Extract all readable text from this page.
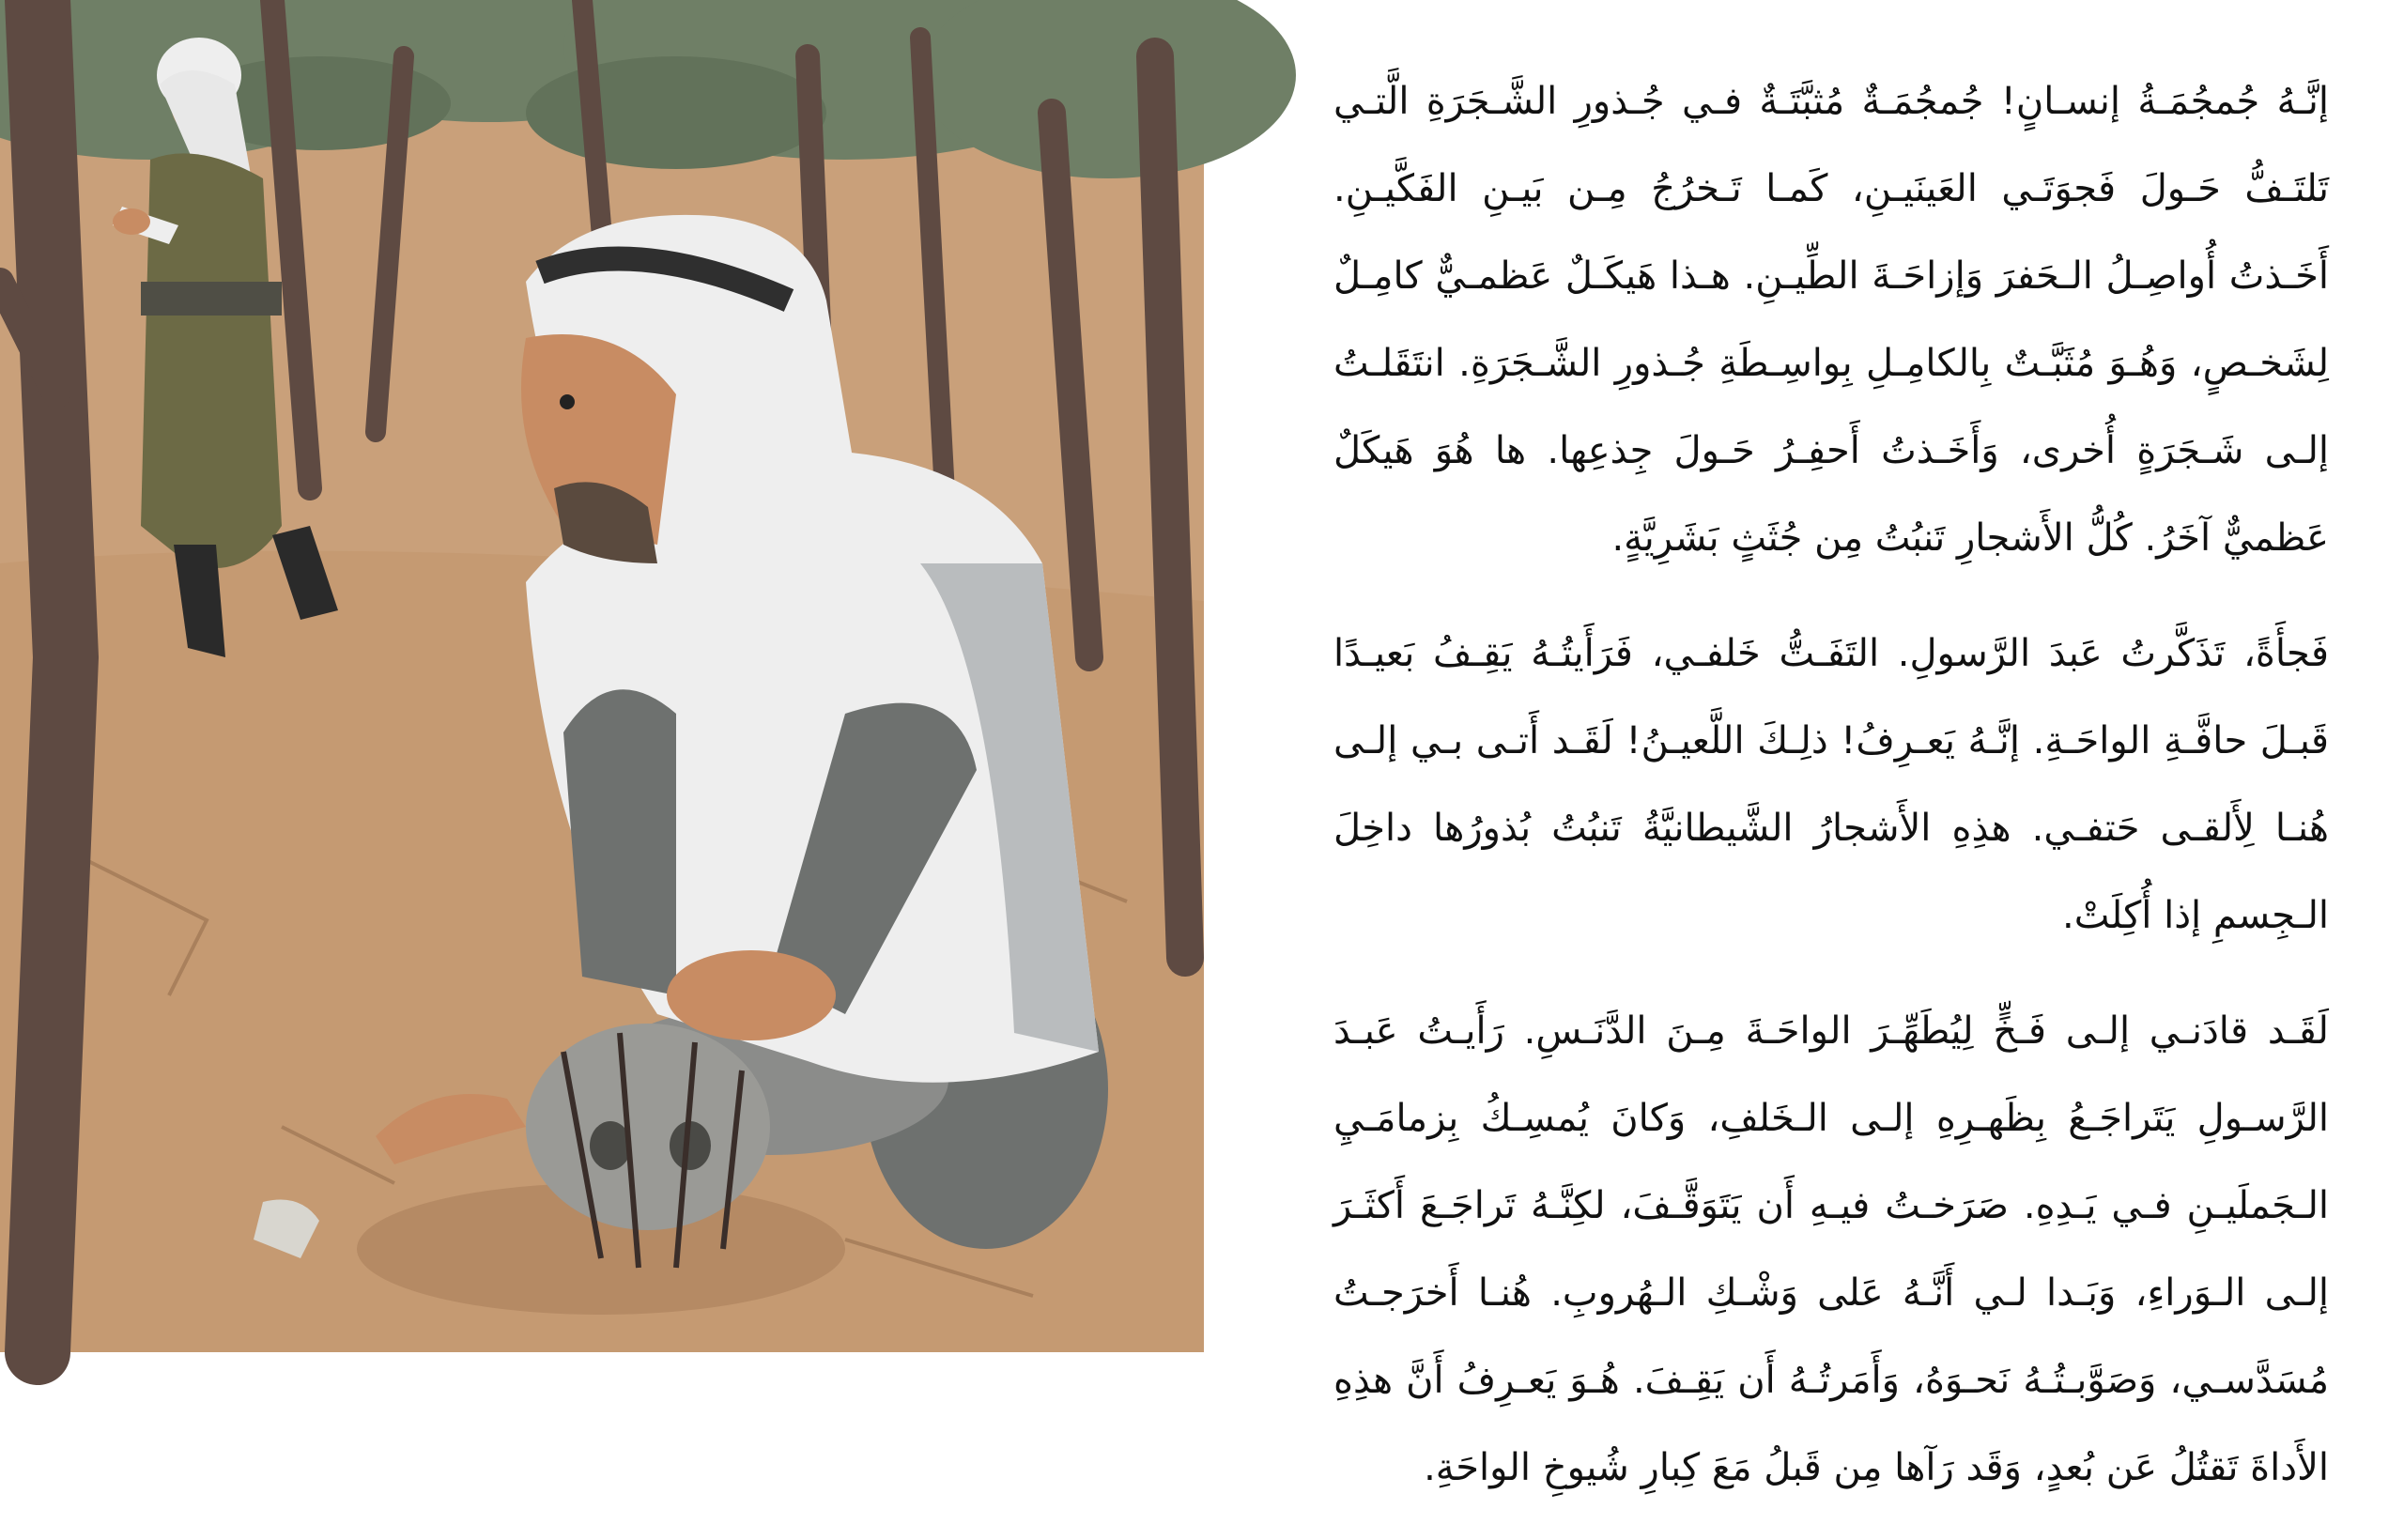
إنَّـهُ جُمجُمَـةُ إنسـانٍ! جُمجُمَـةٌ مُثبَّتَـةٌ فـي جُـذورِ الشَّـجَرَةِ الَّتـي تَلتَـفُّ حَـولَ فَجوَتَـي العَينَيـنِ، كَمـا تَـخرُجُ مِـن بَيـنِ الفَكَّيـنِ. أَخَـذتُ أُواصِـلُ الـحَفرَ وَإزاحَـةَ الطِّيـنِ. هـذا هَيكَـلٌ عَظمـيٌّ كامِـلٌ لِشَخـصٍ، وَهُـوَ مُثَبَّـتٌ بِالكامِـلِ بِواسِـطَةِ جُـذورِ الشَّـجَرَةِ. انتَقَلـتُ إلـى شَـجَرَةٍ أُخرى، وَأَخَـذتُ أَحفِـرُ حَـولَ جِذعِها. ها هُوَ هَيكَلٌ عَظميٌّ آخَرُ. كُلُّ الأَشجارِ تَنبُتُ مِن جُثَثٍ بَشَرِيَّةٍ.

فَجأَةً، تَذَكَّرتُ عَبدَ الرَّسولِ. التَفَـتُّ خَلفـي، فَرَأَيتُـهُ يَقِـفُ بَعيـدًا قَبـلَ حافَّـةِ الواحَـةِ. إنَّـهُ يَعـرِفُ! ذلِـكَ اللَّعيـنُ! لَقَـد أَتـى بـي إلـى هُنـا لِأَلقـى حَتفـي. هذِهِ الأَشجارُ الشَّيطانيَّةُ تَنبُتُ بُذورُها داخِلَ الـجِسمِ إذا أُكِلَتْ.

لَقَـد قادَنـي إلـى فَـخٍّ لِيُطَهِّـرَ الواحَـةَ مِـنَ الدَّنَـسِ. رَأَيـتُ عَبـدَ الرَّسـولِ يَتَراجَـعُ بِظَهـرِهِ إلـى الـخَلفِ، وَكانَ يُمسِـكُ بِزمامَـيِ الـجَملَيـنِ فـي يَـدِهِ. صَرَخـتُ فيـهِ أَن يَتَوَقَّـفَ، لكِنَّـهُ تَراجَـعَ أَكثَـرَ إلـى الـوَراءِ، وَبَـدا لـي أَنَّـهُ عَلى وَشْـكِ الـهُروبِ. هُنـا أَخرَجـتُ مُسَدَّسـي، وَصَوَّبـتُـهُ نَحـوَهُ، وَأَمَرتُـهُ أَن يَقِـفَ. هُـوَ يَعـرِفُ أَنَّ هذِهِ الأَداةَ تَقتُلُ عَن بُعدٍ، وَقَد رَآها مِن قَبلُ مَعَ كِبارِ شُيوخِ الواحَةِ.
